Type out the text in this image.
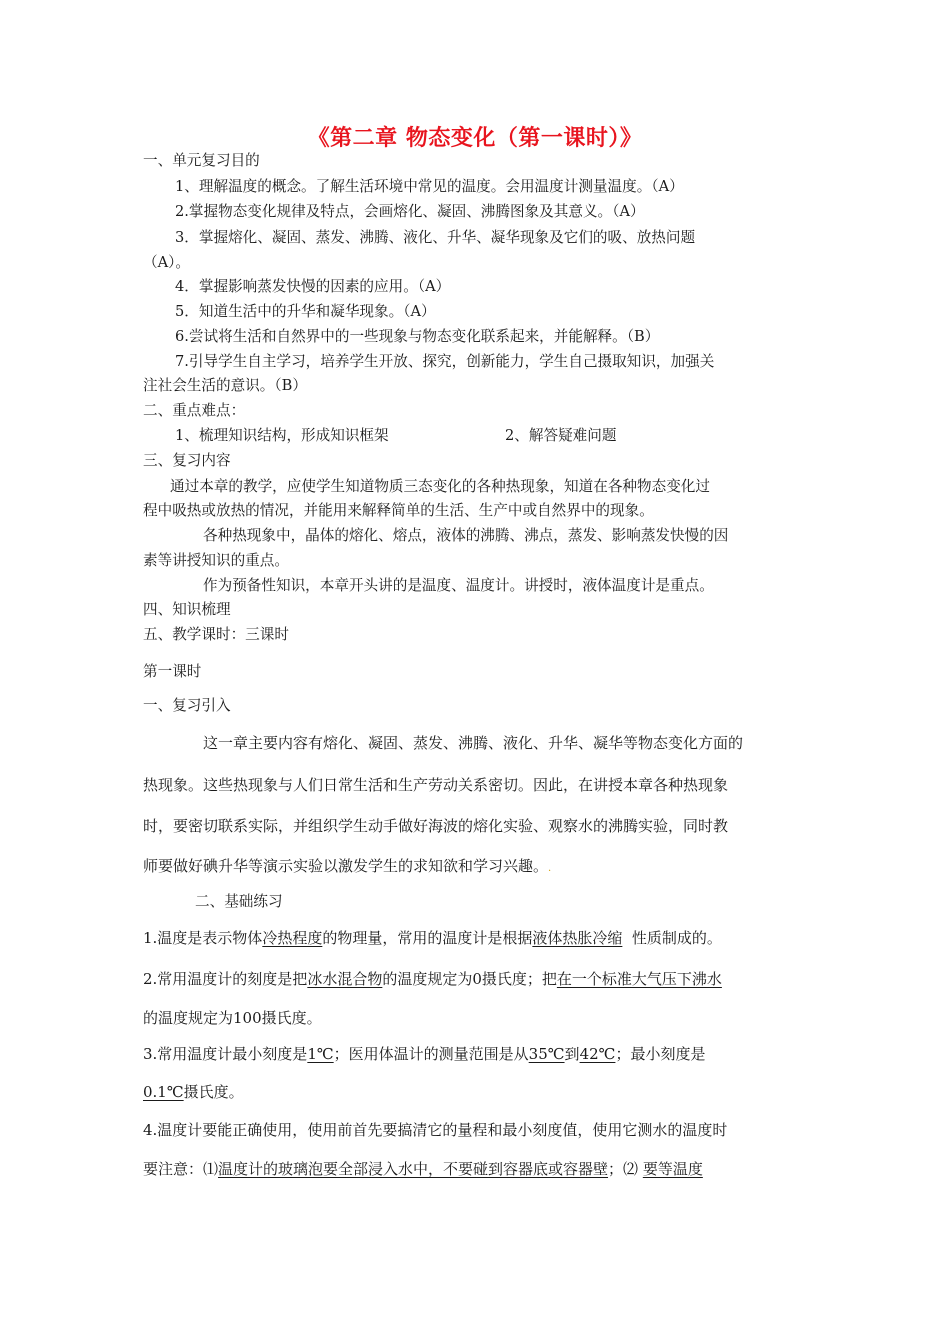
《第二章 物态变化（第一课时）》
一、单元复习目的
1、理解温度的概念。了解生活环境中常见的温度。会用温度计测量温度。（A）
2.掌握物态变化规律及特点，会画熔化、凝固、沸腾图象及其意义。（A）
3．掌握熔化、凝固、蒸发、沸腾、液化、升华、凝华现象及它们的吸、放热问题
（A）。
4．掌握影响蒸发快慢的因素的应用。（A）
5．知道生活中的升华和凝华现象。（A）
6.尝试将生活和自然界中的一些现象与物态变化联系起来，并能解释。（B）
7.引导学生自主学习，培养学生开放、探究，创新能力，学生自己摄取知识，加强关
注社会生活的意识。（B）
二、重点难点：
1、梳理知识结构，形成知识框架	2、解答疑难问题
三、复习内容
通过本章的教学，应使学生知道物质三态变化的各种热现象，知道在各种物态变化过
程中吸热或放热的情况，并能用来解释简单的生活、生产中或自然界中的现象。
各种热现象中，晶体的熔化、熔点，液体的沸腾、沸点，蒸发、影响蒸发快慢的因
素等讲授知识的重点。
作为预备性知识，本章开头讲的是温度、温度计。讲授时，液体温度计是重点。
四、知识梳理
五、教学课时：三课时
第一课时
一、复习引入
这一章主要内容有熔化、凝固、蒸发、沸腾、液化、升华、凝华等物态变化方面的
热现象。这些热现象与人们日常生活和生产劳动关系密切。因此，在讲授本章各种热现象
时，要密切联系实际，并组织学生动手做好海波的熔化实验、观察水的沸腾实验，同时教
师要做好碘升华等演示实验以激发学生的求知欲和学习兴趣。.
二、基础练习
1.温度是表示物体冷热程度的物理量，常用的温度计是根据液体热胀冷缩 性质制成的。
2.常用温度计的刻度是把冰水混合物的温度规定为0摄氏度；把在一个标准大气压下沸水
的温度规定为100摄氏度。
3.常用温度计最小刻度是1℃；医用体温计的测量范围是从35℃到42℃；最小刻度是
0.1℃摄氏度。
4.温度计要能正确使用，使用前首先要搞清它的量程和最小刻度值，使用它测水的温度时
要注意：⑴温度计的玻璃泡要全部浸入水中，不要碰到容器底或容器壁；⑵ 要等温度
